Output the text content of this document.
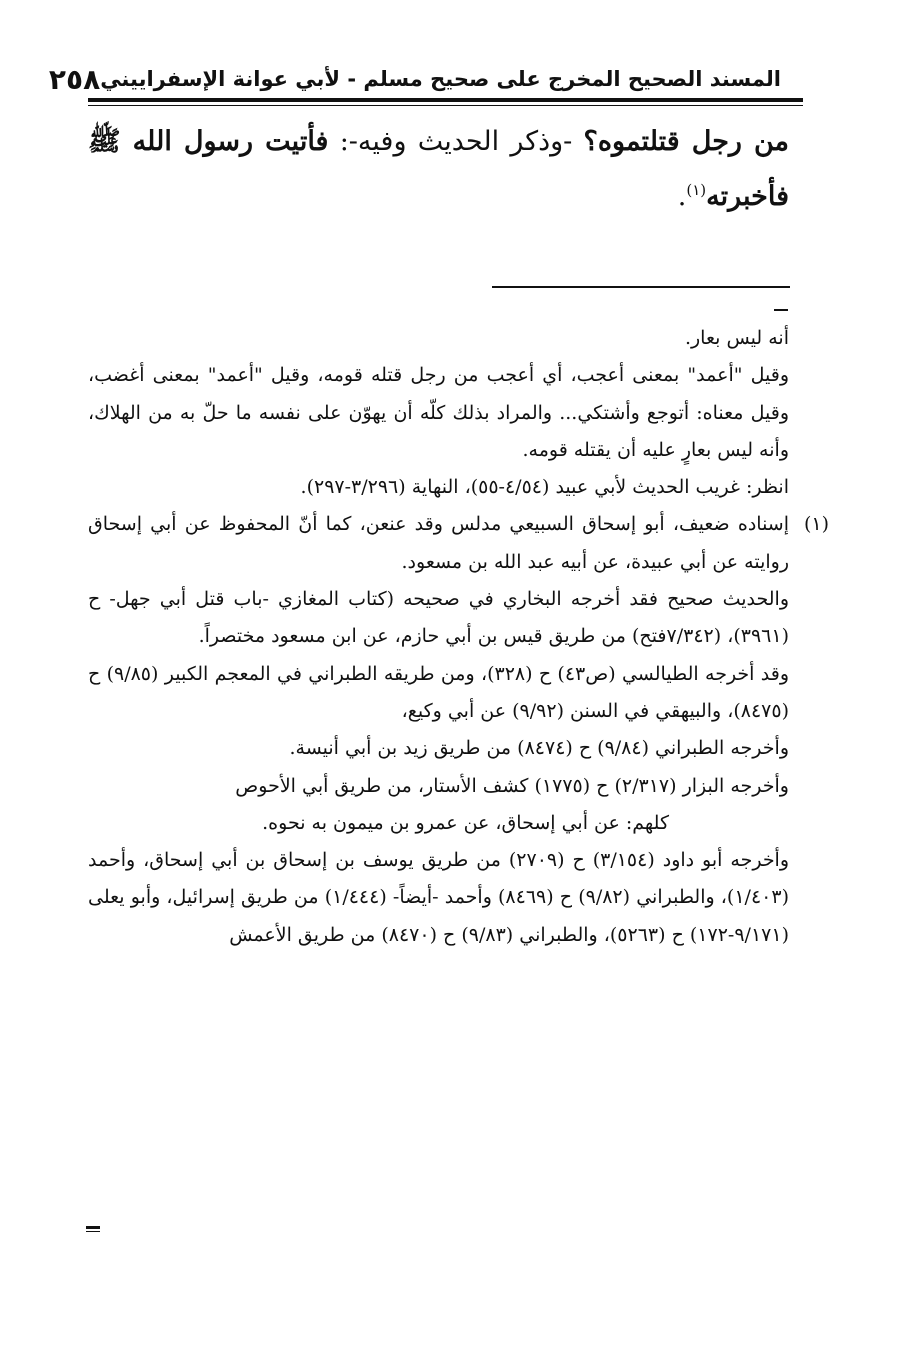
المسند الصحيح المخرج على صحيح مسلم - لأبي عوانة الإسفراييني
٢٥٨

من رجل قتلتموه؟ -وذكر الحديث وفيه-: فأتيت رسول الله ﷺ فأخبرته$^{(١)}$.

أنه ليس بعار.

وقيل "أعمد" بمعنى أعجب، أي أعجب من رجل قتله قومه، وقيل "أعمد" بمعنى أغضب، وقيل معناه: أتوجع وأشتكي... والمراد بذلك كلّه أن يهوّن على نفسه ما حلّ به من الهلاك، وأنه ليس بعارٍ عليه أن يقتله قومه.

انظر: غريب الحديث لأبي عبيد (٤/٥٤-٥٥)، النهاية (٣/٢٩٦-٢٩٧).

(١)

إسناده ضعيف، أبو إسحاق السبيعي مدلس وقد عنعن، كما أنّ المحفوظ عن أبي إسحاق روايته عن أبي عبيدة، عن أبيه عبد الله بن مسعود.

والحديث صحيح فقد أخرجه البخاري في صحيحه (كتاب المغازي -باب قتل أبي جهل- ح (٣٩٦١)، (٧/٣٤٢فتح) من طريق قيس بن أبي حازم، عن ابن مسعود مختصراً.

وقد أخرجه الطيالسي (ص٤٣) ح (٣٢٨)، ومن طريقه الطبراني في المعجم الكبير (٩/٨٥) ح (٨٤٧٥)، والبيهقي في السنن (٩/٩٢) عن أبي وكيع،

وأخرجه الطبراني (٩/٨٤) ح (٨٤٧٤) من طريق زيد بن أبي أنيسة.

وأخرجه البزار (٢/٣١٧) ح (١٧٧٥) كشف الأستار، من طريق أبي الأحوص

كلهم: عن أبي إسحاق، عن عمرو بن ميمون به نحوه.

وأخرجه أبو داود (٣/١٥٤) ح (٢٧٠٩) من طريق يوسف بن إسحاق بن أبي إسحاق، وأحمد (١/٤٠٣)، والطبراني (٩/٨٢) ح (٨٤٦٩) وأحمد -أيضاً- (١/٤٤٤) من طريق إسرائيل، وأبو يعلى (٩/١٧١-١٧٢) ح (٥٢٦٣)، والطبراني (٩/٨٣) ح (٨٤٧٠) من طريق الأعمش
